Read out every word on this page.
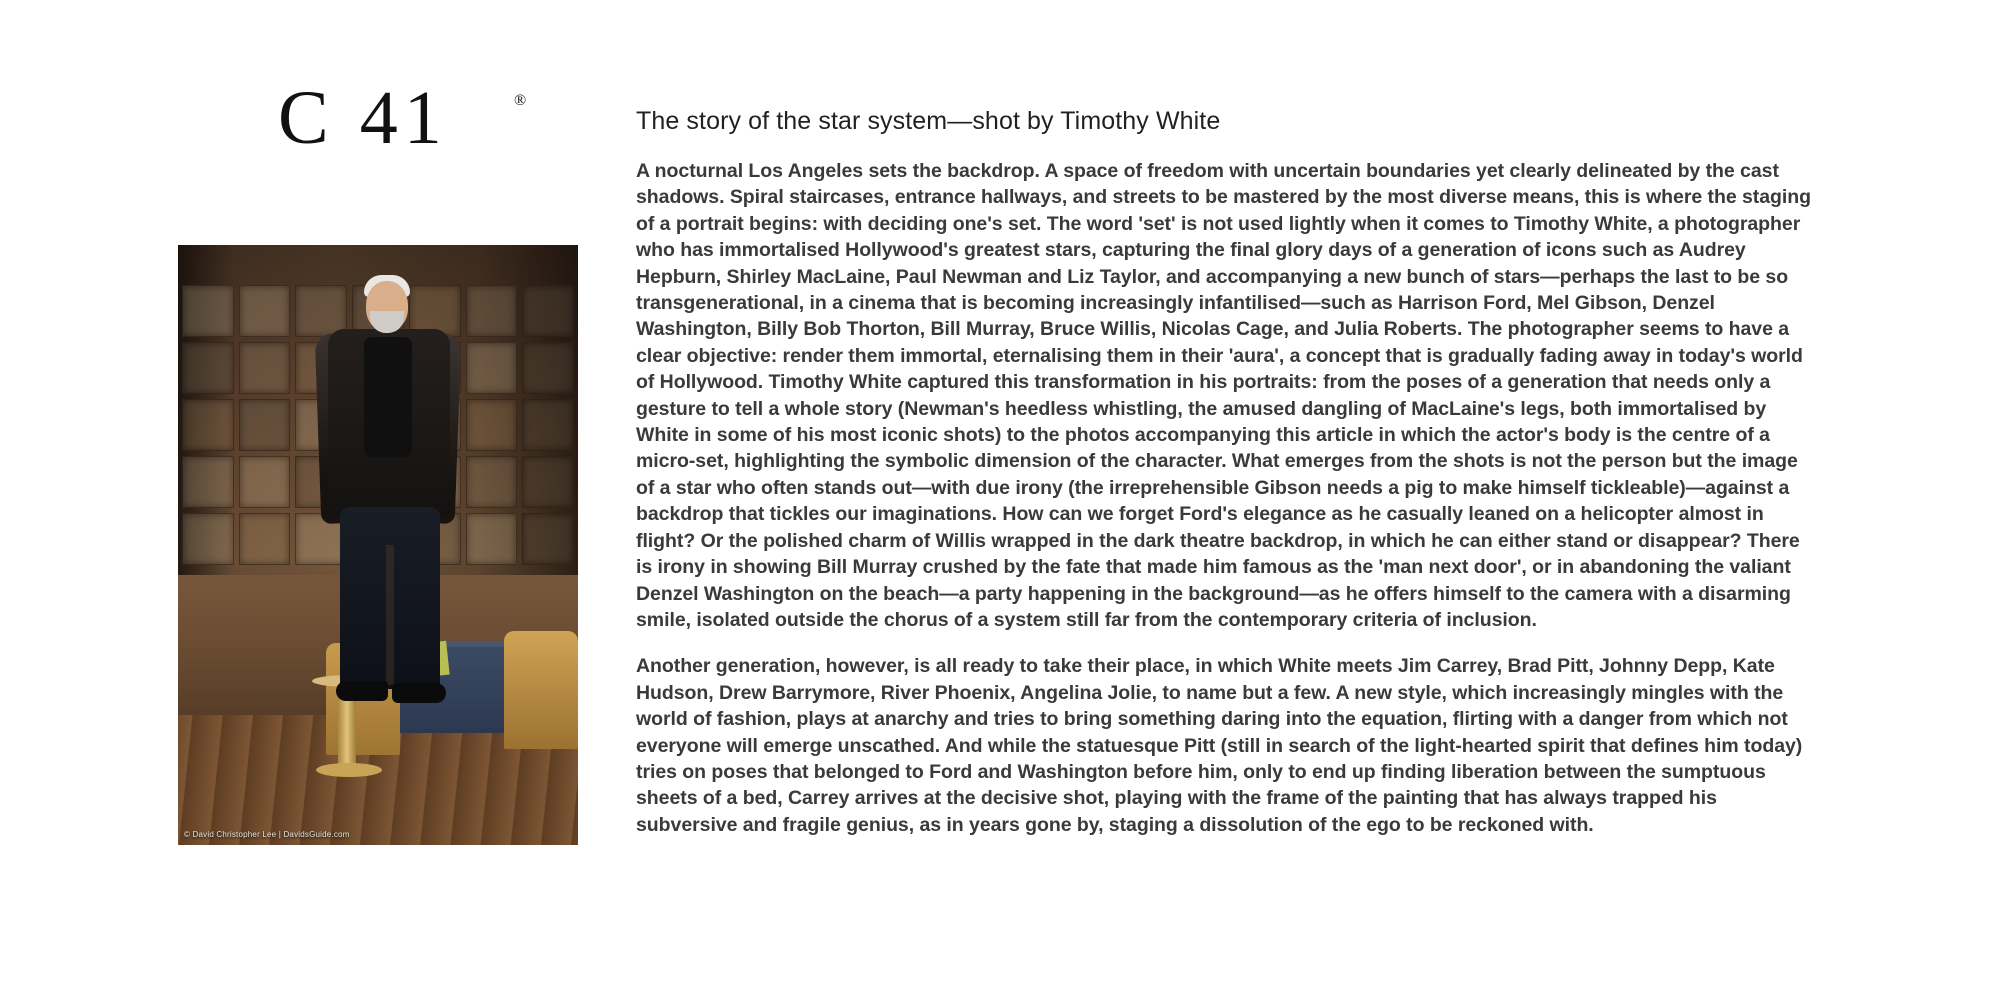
C 41	®
© David Christopher Lee | DavidsGuide.com
The story of the star system—shot by Timothy White

A nocturnal Los Angeles sets the backdrop. A space of freedom with uncertain boundaries yet clearly delineated by the cast shadows. Spiral staircases, entrance hallways, and streets to be mastered by the most diverse means, this is where the staging of a portrait begins: with deciding one's set. The word 'set' is not used lightly when it comes to Timothy White, a photographer who has immortalised Hollywood's greatest stars, capturing the final glory days of a generation of icons such as Audrey Hepburn, Shirley MacLaine, Paul Newman and Liz Taylor, and accompanying a new bunch of stars—perhaps the last to be so transgenerational, in a cinema that is becoming increasingly infantilised—such as Harrison Ford, Mel Gibson, Denzel Washington, Billy Bob Thorton, Bill Murray, Bruce Willis, Nicolas Cage, and Julia Roberts. The photographer seems to have a clear objective: render them immortal, eternalising them in their 'aura', a concept that is gradually fading away in today's world of Hollywood. Timothy White captured this transformation in his portraits: from the poses of a generation that needs only a gesture to tell a whole story (Newman's heedless whistling, the amused dangling of MacLaine's legs, both immortalised by White in some of his most iconic shots) to the photos accompanying this article in which the actor's body is the centre of a micro-set, highlighting the symbolic dimension of the character. What emerges from the shots is not the person but the image of a star who often stands out—with due irony (the irreprehensible Gibson needs a pig to make himself tickleable)—against a backdrop that tickles our imaginations. How can we forget Ford's elegance as he casually leaned on a helicopter almost in flight? Or the polished charm of Willis wrapped in the dark theatre backdrop, in which he can either stand or disappear? There is irony in showing Bill Murray crushed by the fate that made him famous as the 'man next door', or in abandoning the valiant Denzel Washington on the beach—a party happening in the background—as he offers himself to the camera with a disarming smile, isolated outside the chorus of a system still far from the contemporary criteria of inclusion.

Another generation, however, is all ready to take their place, in which White meets Jim Carrey, Brad Pitt, Johnny Depp, Kate Hudson, Drew Barrymore, River Phoenix, Angelina Jolie, to name but a few. A new style, which increasingly mingles with the world of fashion, plays at anarchy and tries to bring something daring into the equation, flirting with a danger from which not everyone will emerge unscathed. And while the statuesque Pitt (still in search of the light-hearted spirit that defines him today) tries on poses that belonged to Ford and Washington before him, only to end up finding liberation between the sumptuous sheets of a bed, Carrey arrives at the decisive shot, playing with the frame of the painting that has always trapped his subversive and fragile genius, as in years gone by, staging a dissolution of the ego to be reckoned with.
